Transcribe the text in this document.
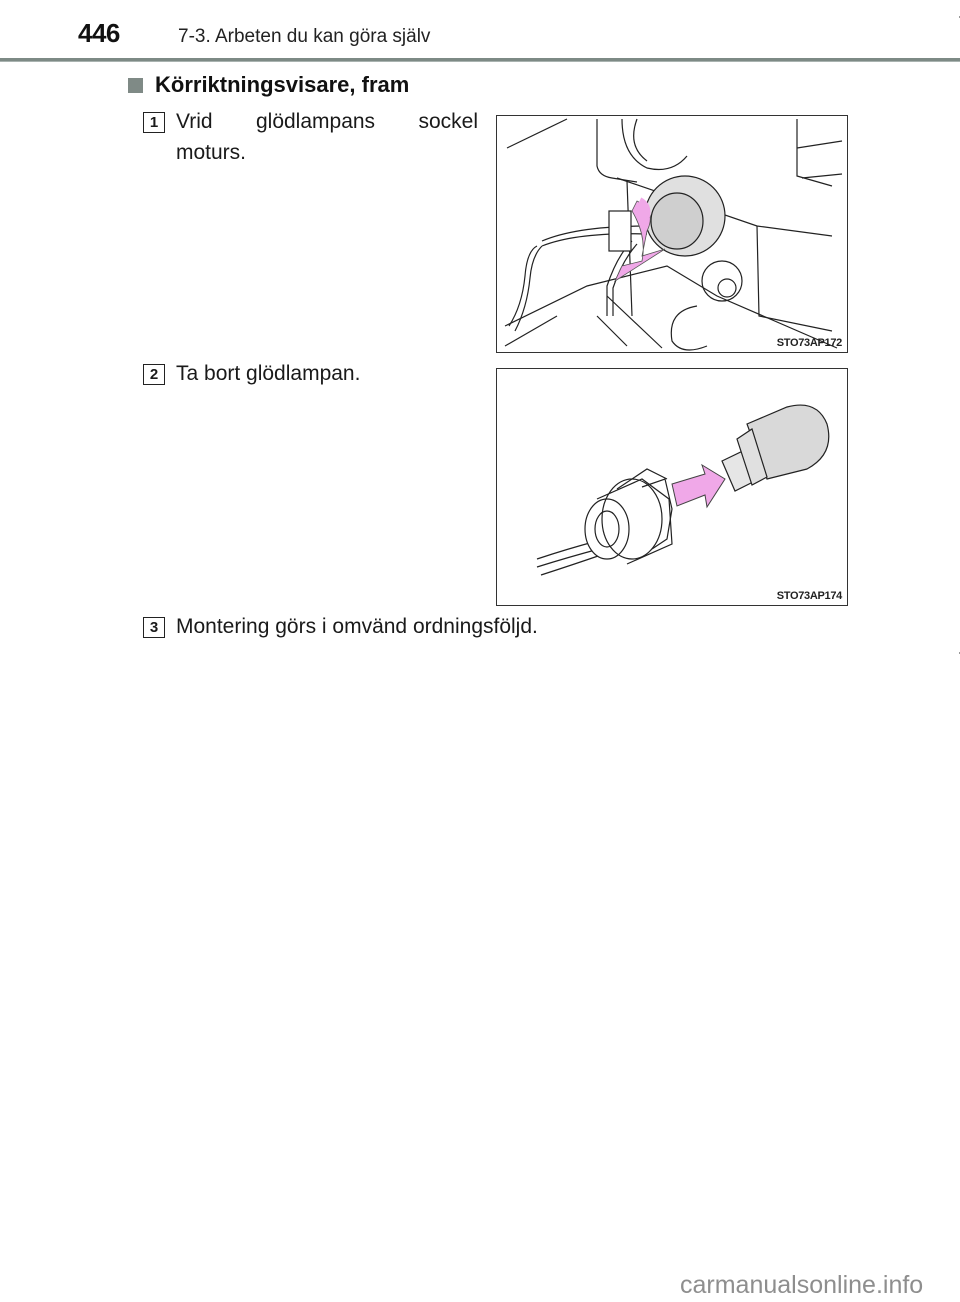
446	7-3. Arbeten du kan göra själv
Körriktningsvisare, fram
1 Vrid glödlampans sockel moturs.
STO73AP172
2 Ta bort glödlampan.
STO73AP174
3 Montering görs i omvänd ordningsföljd.
carmanualsonline.info
